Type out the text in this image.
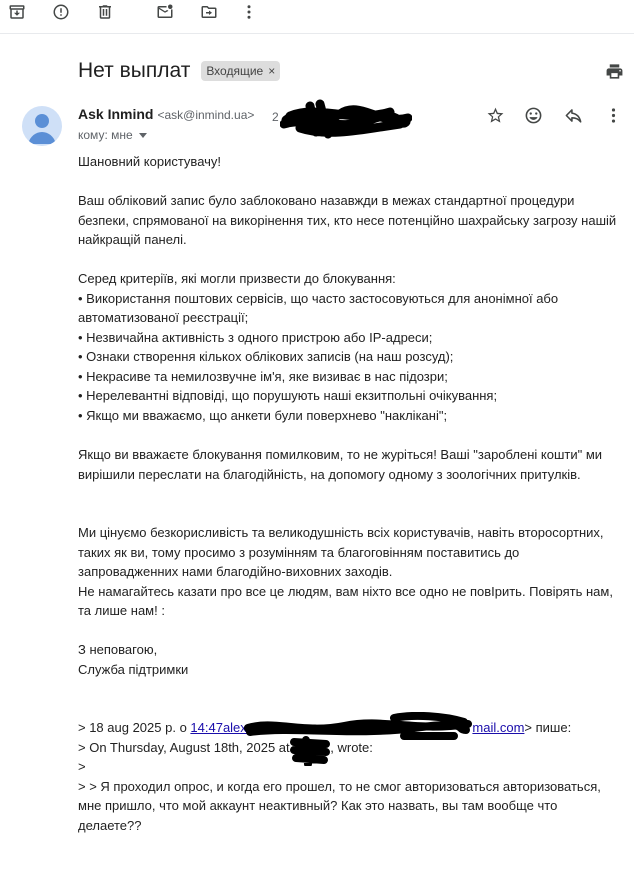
Нет выплат Входящие ×
Ask Inmind <ask@inmind.ua> 2
кому: мне
Шановний користувачу!
Ваш обліковий запис було заблоковано назавжди в межах стандартної процедури безпеки, спрямованої на викорінення тих, кто несе потенційно шахрайську загрозу нашій найкращій панелі.
Серед критеріїв, які могли призвести до блокування:
• Використання поштових сервісів, що часто застосовуються для анонімної або автоматизованої реєстрації;
• Незвичайна активність з одного пристрою або IP-адреси;
• Ознаки створення кількох облікових записів (на наш розсуд);
• Некрасиве та немилозвучне ім'я, яке визиває в нас підозри;
• Нерелевантні відповіді, що порушують наші екзитпольні очікування;
• Якщо ми вважаємо, що анкети були поверхнево "наклікані";
Якщо ви вважаєте блокування помилковим, то не журіться! Ваші "зароблені кошти" ми вирішили переслати на благодійність, на допомогу одному з зоологічних притулків.
Ми цінуємо безкорисливість та великодушність всіх користувачів, навіть второсортних, таких як ви, тому просимо з розумінням та благоговінням поставитись до запровадженних нами благодійно-виховних заходів.
Не намагайтесь казати про все це людям, вам ніхто все одно не повІрить. Повірять нам, та лише нам! :
З неповагою,
Служба підтримки
> 18 aug 2025 р. о 14:47alex.	mail.com> пише:
> On Thursday, August 18th, 2025 at	, wrote:
>
> > Я проходил опрос, и когда его прошел, то не смог авторизоваться авторизоваться, мне пришло, что мой аккаунт неактивный? Как это назвать, вы там вообще что делаете??
